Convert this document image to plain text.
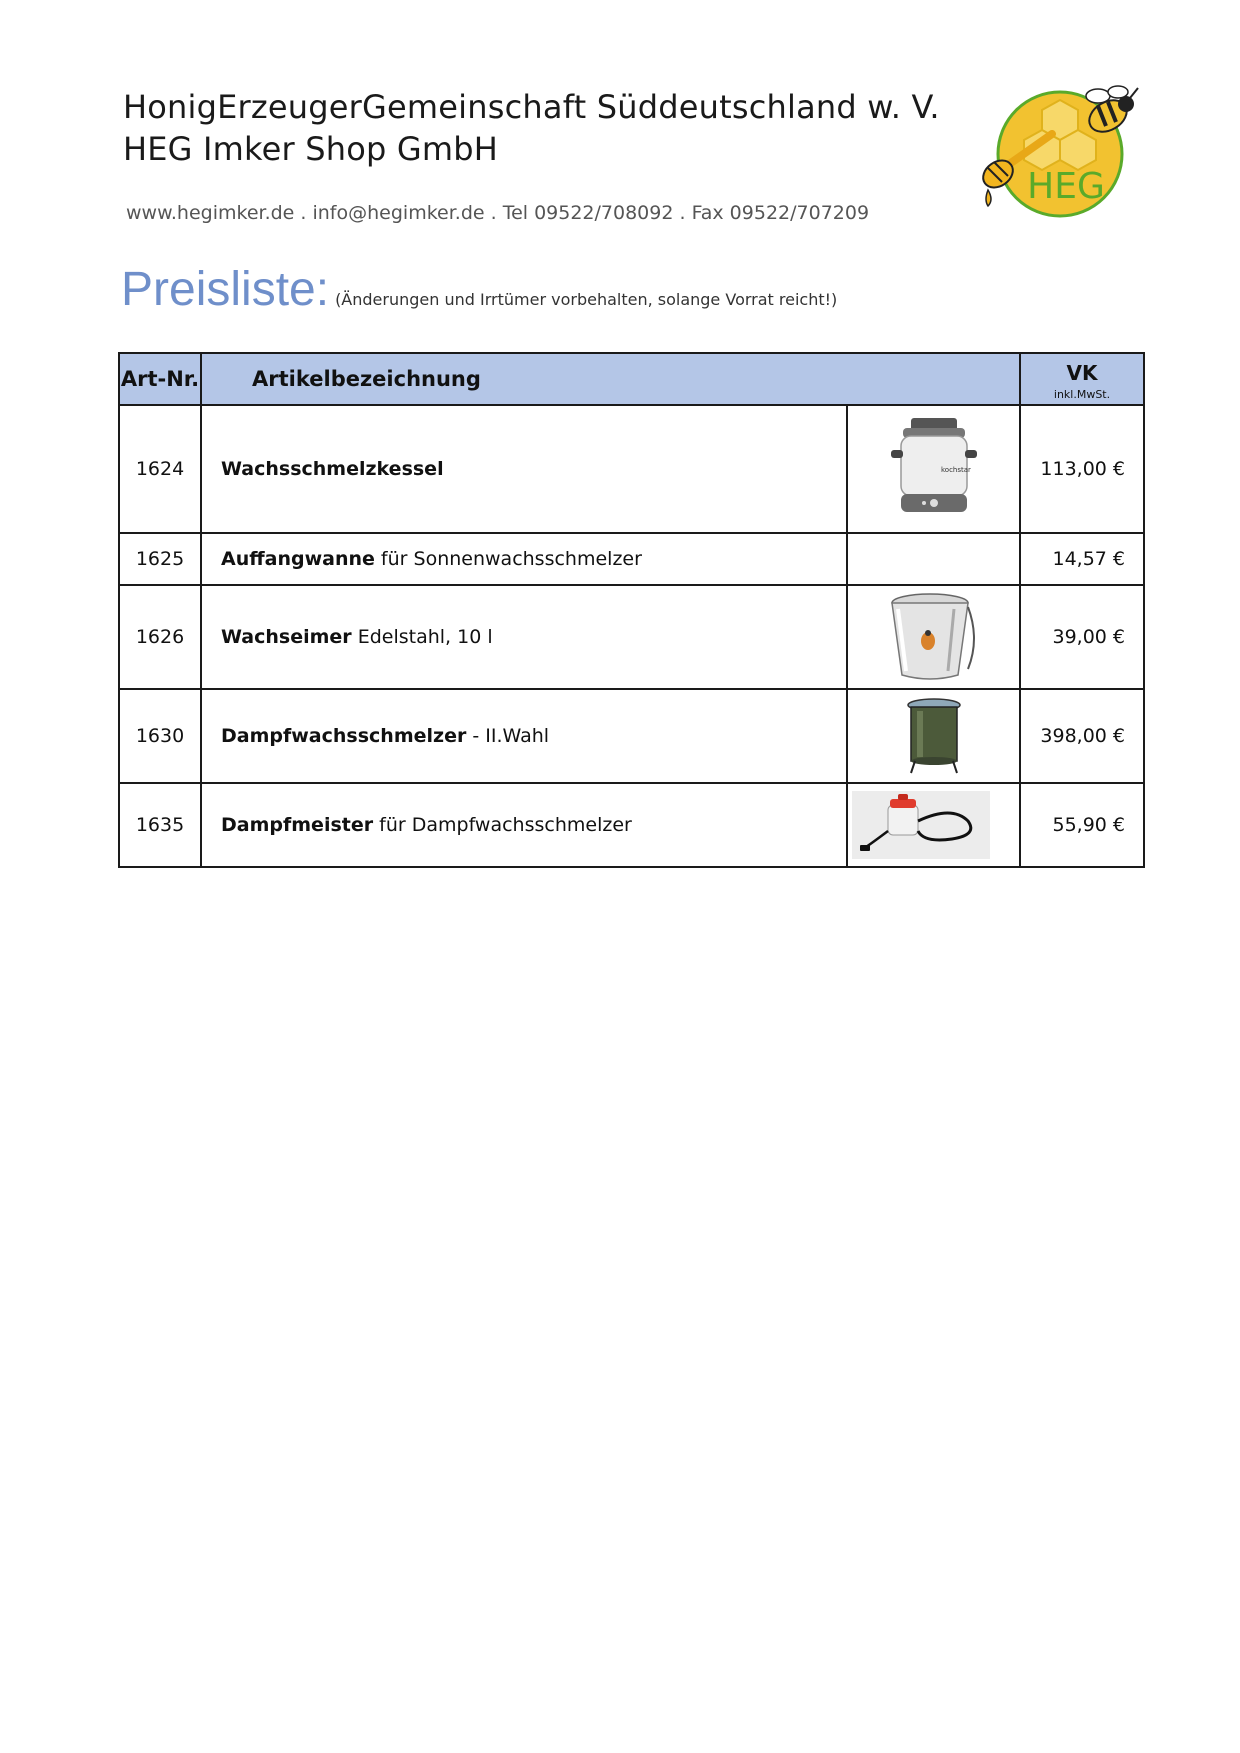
HonigErzeugerGemeinschaft Süddeutschland w. V.
HEG Imker Shop GmbH
www.hegimker.de . info@hegimker.de . Tel 09522/708092 . Fax 09522/707209
HEG
Preisliste: (Änderungen und Irrtümer vorbehalten, solange Vorrat reicht!)
Art-Nr.	Artikelbezeichnung		VK
inkl.MwSt.

1624	Wachsschmelzkessel	kochstar	113,00 €
1625	Auffangwanne für Sonnenwachsschmelzer		14,57 €
1626	Wachseimer Edelstahl, 10 l		39,00 €
1630	Dampfwachsschmelzer - II.Wahl		398,00 €
1635	Dampfmeister für Dampfwachsschmelzer		55,90 €
